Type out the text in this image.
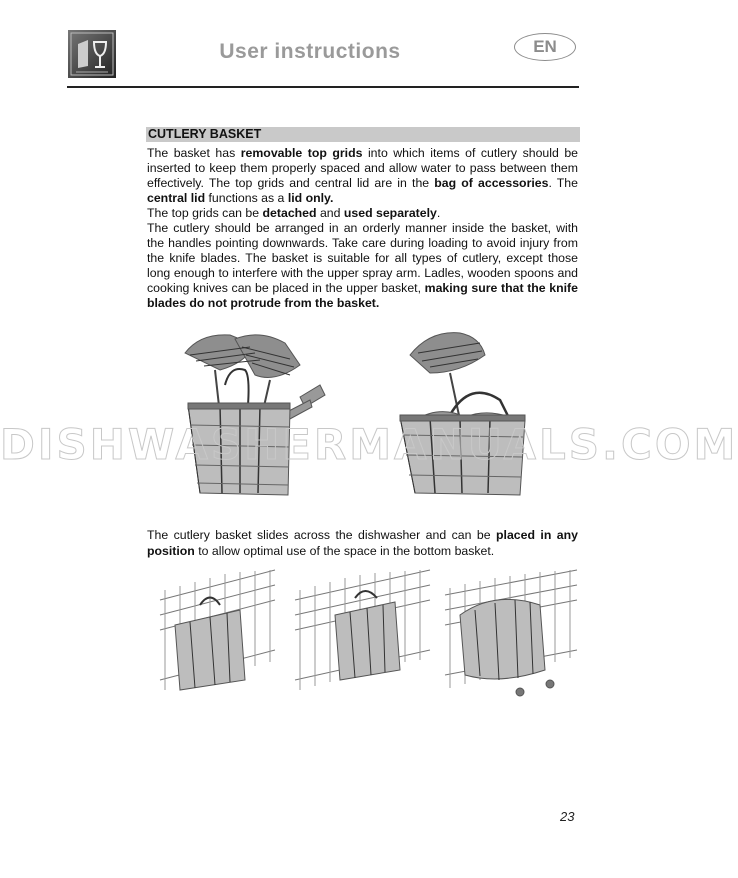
User instructions	EN
CUTLERY BASKET

The basket has removable top grids into which items of cutlery should be inserted to keep them properly spaced and allow water to pass between them effectively. The top grids and central lid are in the bag of accessories. The central lid functions as a lid only.

The top grids can be detached and used separately.

The cutlery should be arranged in an orderly manner inside the basket, with the handles pointing downwards. Take care during loading to avoid injury from the knife blades. The basket is suitable for all types of cutlery, except those long enough to interfere with the upper spray arm. Ladles, wooden spoons and cooking knives can be placed in the upper basket, making sure that the knife blades do not protrude from the basket.

DISHWASHERMANUALS.COM
The cutlery basket slides across the dishwasher and can be placed in any position to allow optimal use of the space in the bottom basket.
23
